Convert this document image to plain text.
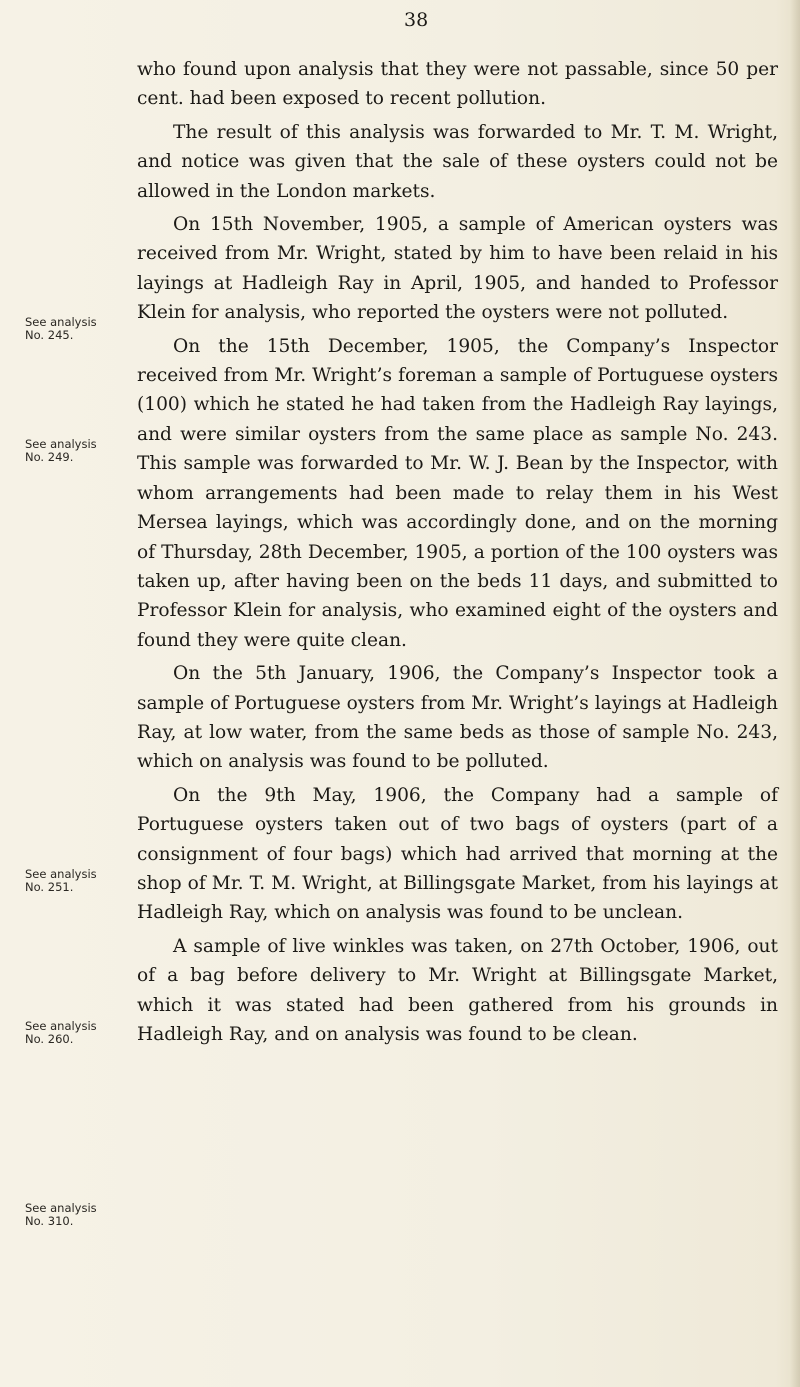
38

who found upon analysis that they were not passable, since 50 per cent. had been exposed to recent pollution.

The result of this analysis was forwarded to Mr. T. M. Wright, and notice was given that the sale of these oysters could not be allowed in the London markets.

On 15th November, 1905, a sample of American oysters was received from Mr. Wright, stated by him to have been relaid in his layings at Hadleigh Ray in April, 1905, and handed to Professor Klein for analysis, who reported the oysters were not polluted.

On the 15th December, 1905, the Company’s Inspector received from Mr. Wright’s foreman a sample of Portuguese oysters (100) which he stated he had taken from the Hadleigh Ray layings, and were similar oysters from the same place as sample No. 243. This sample was forwarded to Mr. W. J. Bean by the Inspector, with whom arrangements had been made to relay them in his West Mersea layings, which was accordingly done, and on the morning of Thursday, 28th December, 1905, a portion of the 100 oysters was taken up, after having been on the beds 11 days, and submitted to Professor Klein for analysis, who examined eight of the oysters and found they were quite clean.

On the 5th January, 1906, the Company’s Inspector took a sample of Portuguese oysters from Mr. Wright’s layings at Hadleigh Ray, at low water, from the same beds as those of sample No. 243, which on analysis was found to be polluted.

On the 9th May, 1906, the Company had a sample of Portuguese oysters taken out of two bags of oysters (part of a consignment of four bags) which had arrived that morning at the shop of Mr. T. M. Wright, at Billingsgate Market, from his layings at Hadleigh Ray, which on analysis was found to be unclean.

A sample of live winkles was taken, on 27th October, 1906, out of a bag before delivery to Mr. Wright at Billingsgate Market, which it was stated had been gathered from his grounds in Hadleigh Ray, and on analysis was found to be clean.

See analysis
No. 245.
See analysis
No. 249.
See analysis
No. 251.
See analysis
No. 260.
See analysis
No. 310.
